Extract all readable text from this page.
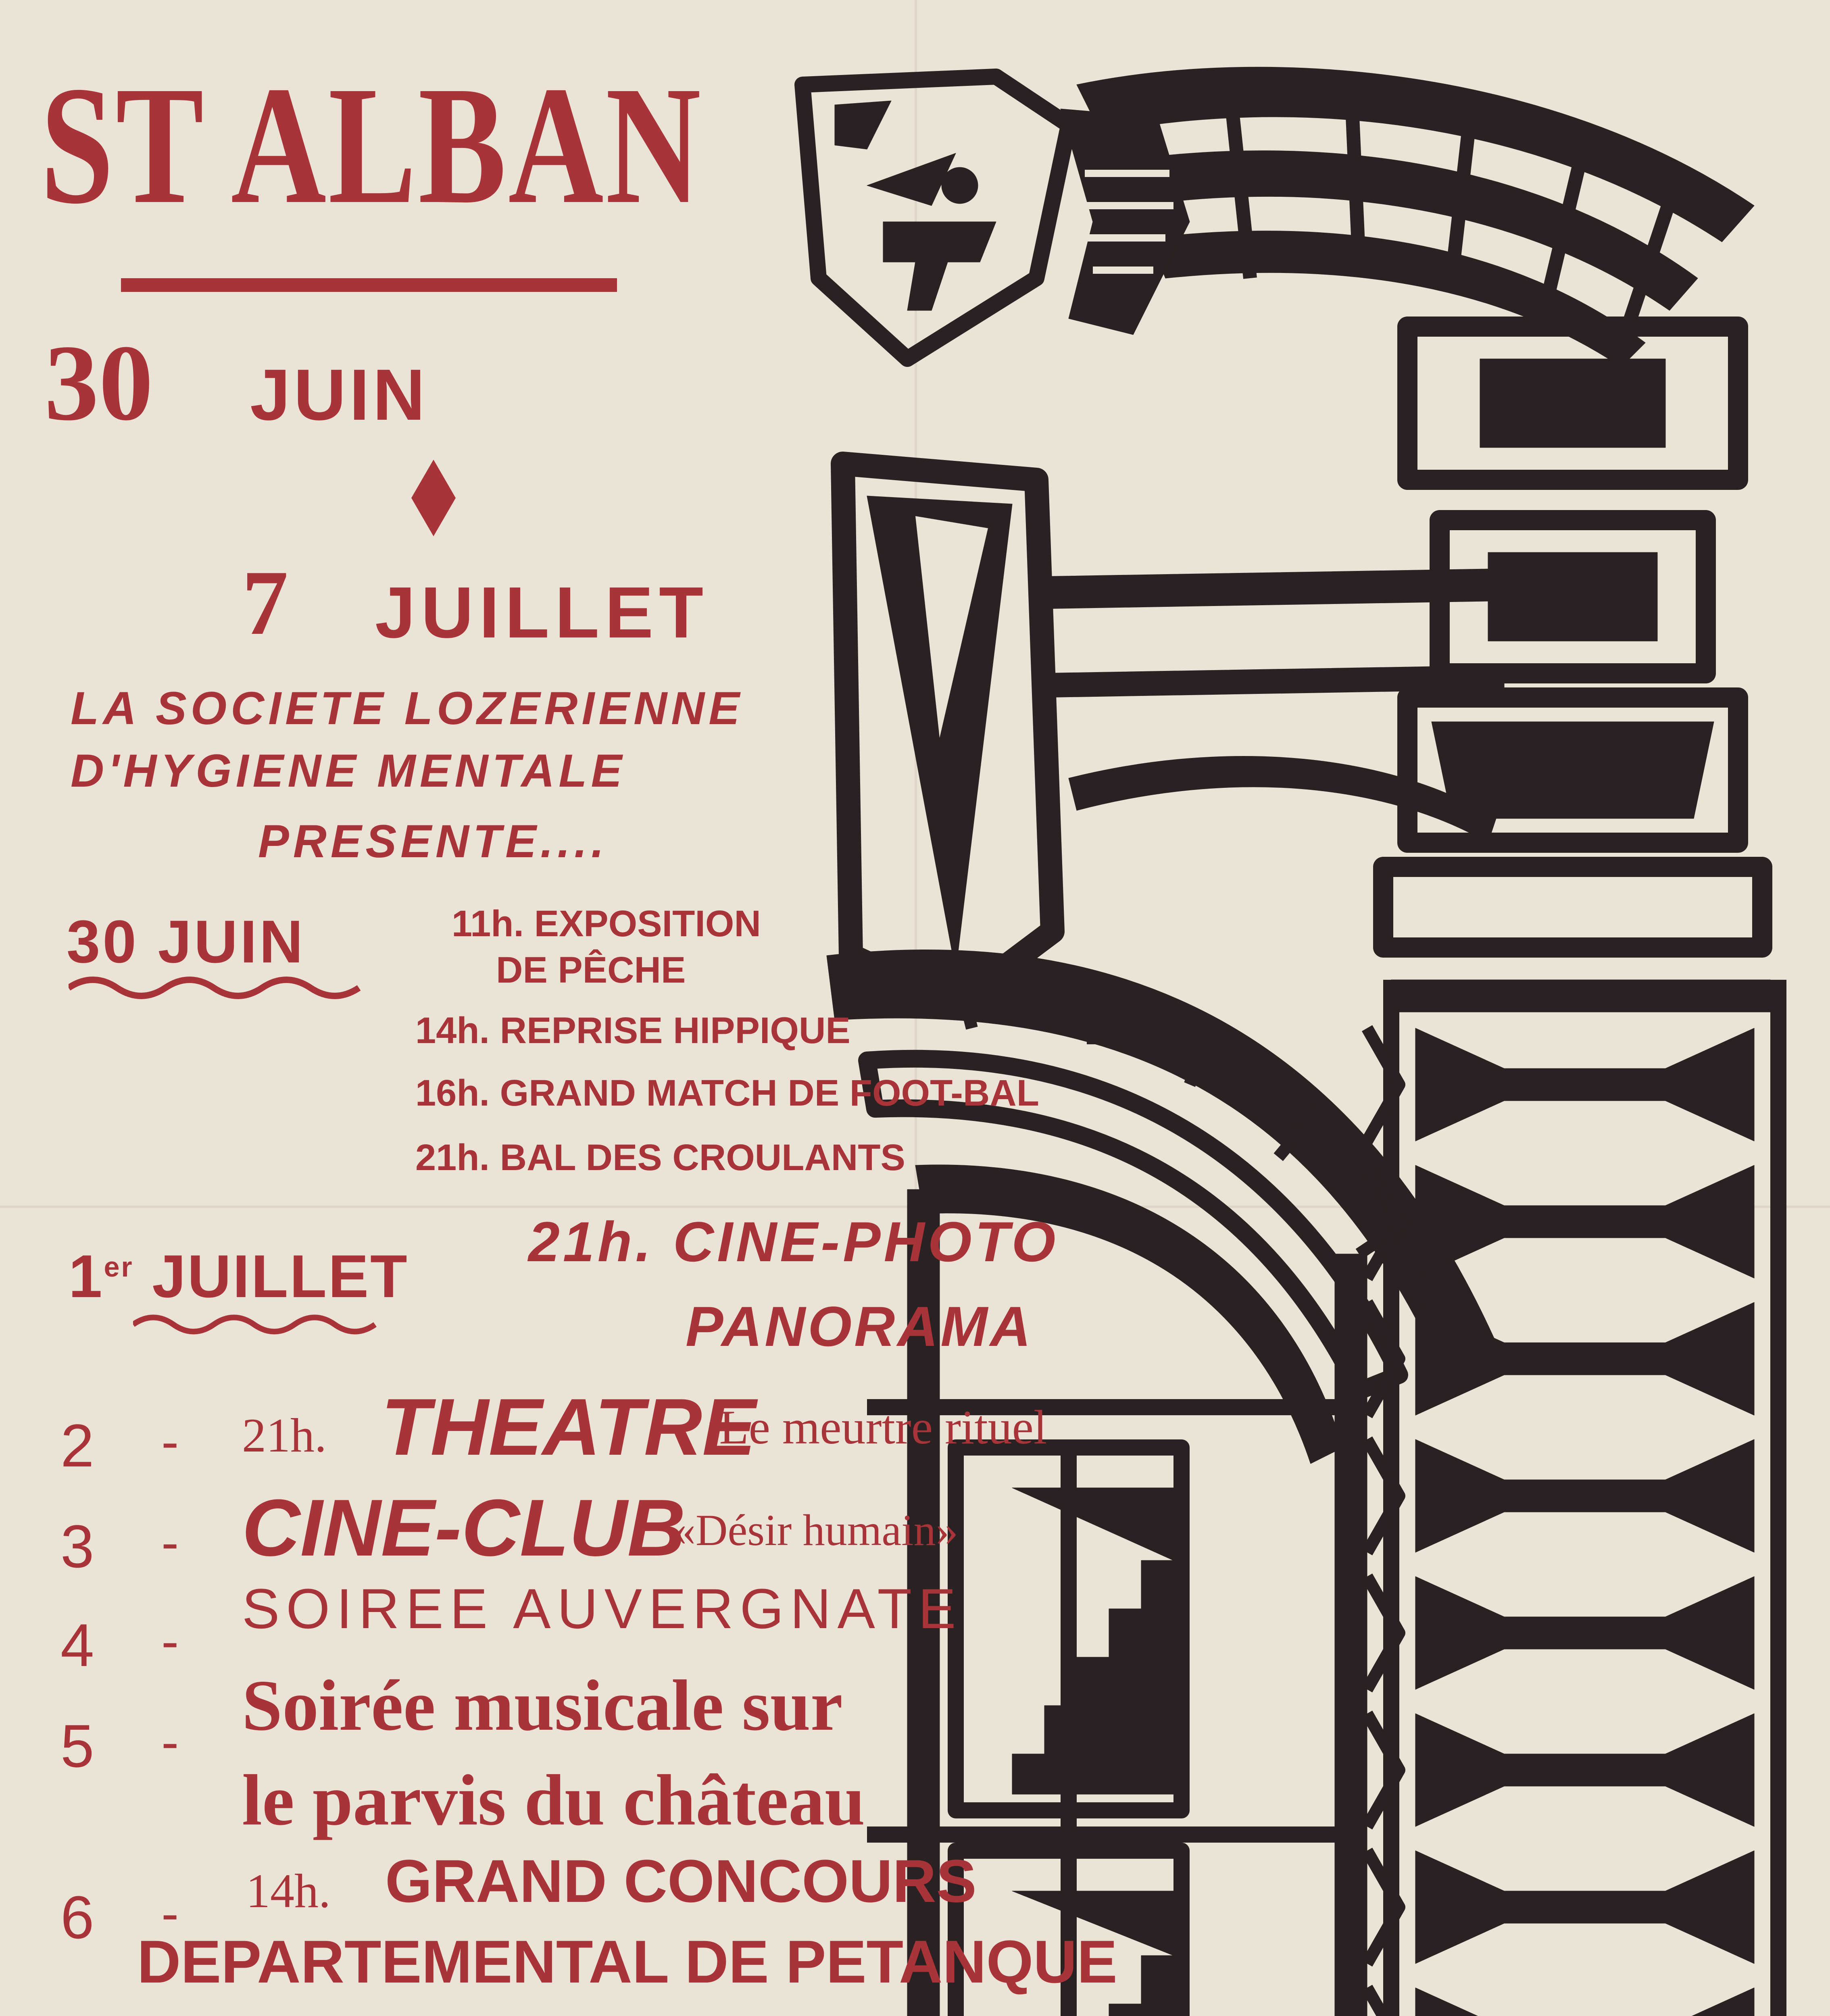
ST ALBAN
30 JUIN
7 JUILLET
LA SOCIETE LOZERIENNE
D'HYGIENE MENTALE
PRESENTE....
30 JUIN	11h. EXPOSITION
DE PÊCHE
14h. REPRISE HIPPIQUE
16h. GRAND MATCH DE FOOT-BAL
21h. BAL DES CROULANTS
1er JUILLET
21h. CINE-PHOTO
PANORAMA
2 - 21h. THEATRE
:Le meurtre rituel
3 - CINE-CLUB
«Désir humain»
4 -
SOIREE AUVERGNATE
5 - Soirée musicale sur
le parvis du château
6 - 14h. GRAND CONCOURS
DEPARTEMENTAL DE PETANQUE
